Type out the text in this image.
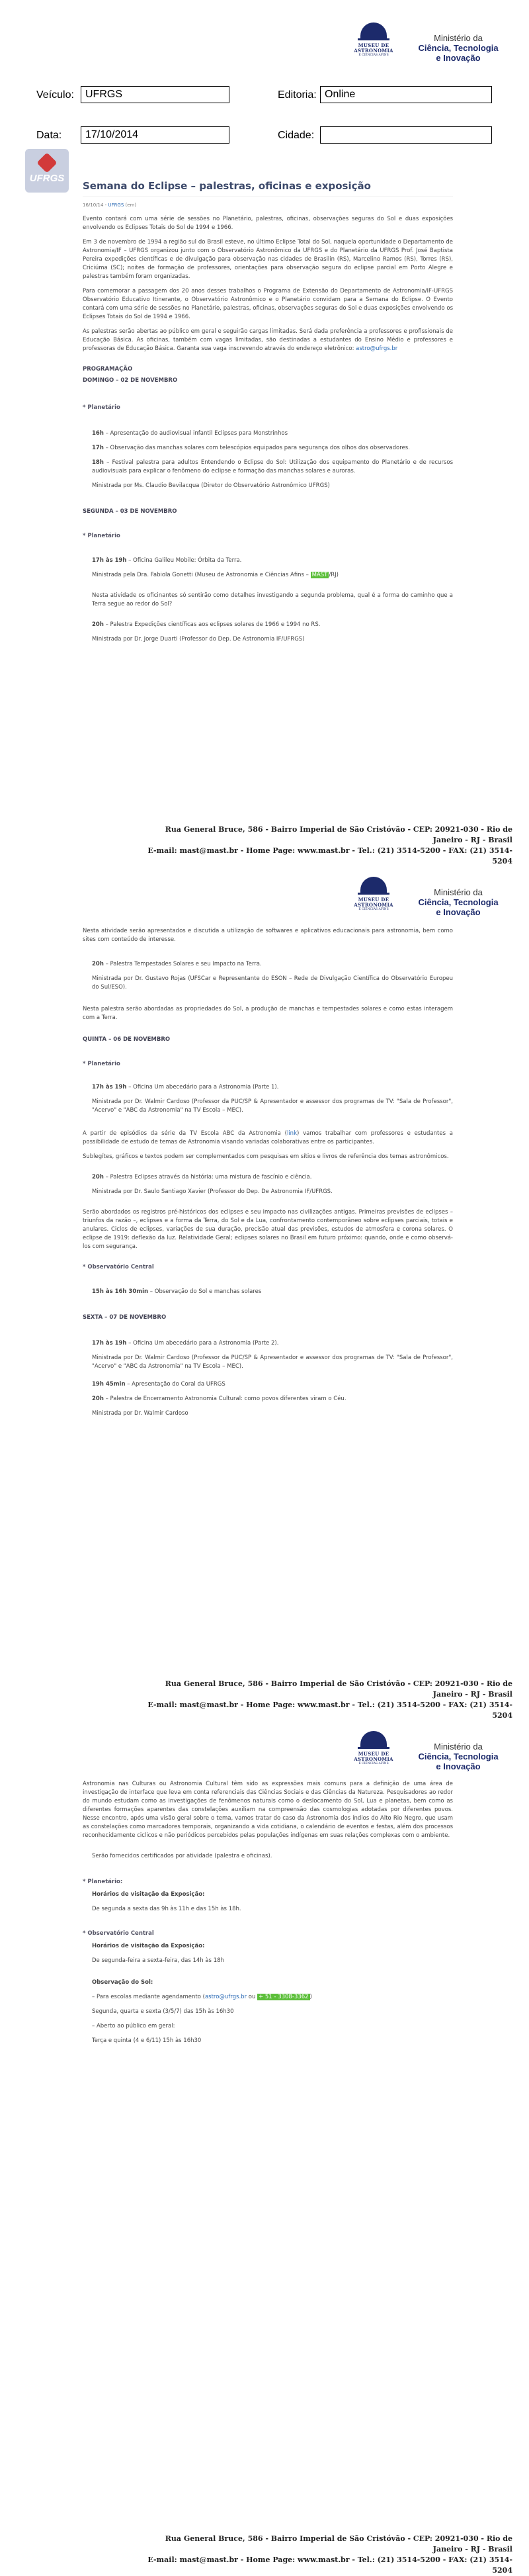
MUSEU DE
ASTRONOMIA
E CIÊNCIAS AFINS
Ministério da
Ciência, Tecnologia
e Inovação
Veículo:	UFRGS	Editoria: Online
Data:	17/10/2014	Cidade:
UFRGS
Semana do Eclipse – palestras, oficinas e exposição
16/10/14 - UFRGS (em)

Evento contará com uma série de sessões no Planetário, palestras, oficinas, observações seguras do Sol e duas exposições envolvendo os Eclipses Totais do Sol de 1994 e 1966.

Em 3 de novembro de 1994 a região sul do Brasil esteve, no último Eclipse Total do Sol, naquela oportunidade o Departamento de Astronomia/IF – UFRGS organizou junto com o Observatório Astronômico da UFRGS e do Planetário da UFRGS Prof. José Baptista Pereira expedições científicas e de divulgação para observação nas cidades de Brasilin (RS), Marcelino Ramos (RS), Torres (RS), Criciúma (SC); noites de formação de professores, orientações para observação segura do eclipse parcial em Porto Alegre e palestras também foram organizadas.

Para comemorar a passagem dos 20 anos desses trabalhos o Programa de Extensão do Departamento de Astronomia/IF-UFRGS Observatório Educativo Itinerante, o Observatório Astronômico e o Planetário convidam para a Semana do Eclipse. O Evento contará com uma série de sessões no Planetário, palestras, oficinas, observações seguras do Sol e duas exposições envolvendo os Eclipses Totais do Sol de 1994 e 1966.

As palestras serão abertas ao público em geral e seguirão cargas limitadas. Será dada preferência a professores e profissionais de Educação Básica. As oficinas, também com vagas limitadas, são destinadas a estudantes do Ensino Médio e professores e professoras de Educação Básica. Garanta sua vaga inscrevendo através do endereço eletrônico: astro@ufrgs.br

PROGRAMAÇÃO
DOMINGO – 02 DE NOVEMBRO
* Planetário

16h – Apresentação do audiovisual infantil Eclipses para Monstrinhos

17h – Observação das manchas solares com telescópios equipados para segurança dos olhos dos observadores.

18h – Festival palestra para adultos Entendendo o Eclipse do Sol: Utilização dos equipamento do Planetário e de recursos audiovisuais para explicar o fenômeno do eclipse e formação das manchas solares e auroras.

Ministrada por Ms. Claudio Bevilacqua (Diretor do Observatório Astronômico UFRGS)

SEGUNDA – 03 DE NOVEMBRO
* Planetário

17h às 19h – Oficina Galileu Mobile: Órbita da Terra.

Ministrada pela Dra. Fabiola Gonetti (Museu de Astronomia e Ciências Afins – MAST /RJ)

Nesta atividade os oficinantes só sentirão como detalhes investigando a segunda problema, qual é a forma do caminho que a Terra segue ao redor do Sol?

20h – Palestra Expedições científicas aos eclipses solares de 1966 e 1994 no RS.

Ministrada por Dr. Jorge Duarti (Professor do Dep. De Astronomia IF/UFRGS)

Rua General Bruce, 586 - Bairro Imperial de São Cristóvão - CEP: 20921-030 - Rio de Janeiro - RJ - Brasil
E-mail: mast@mast.br - Home Page: www.mast.br - Tel.: (21) 3514-5200 - FAX: (21) 3514-5204
MUSEU DE
ASTRONOMIA
E CIÊNCIAS AFINS
Ministério da
Ciência, Tecnologia
e Inovação

Nesta atividade serão apresentados e discutida a utilização de softwares e aplicativos educacionais para astronomia, bem como sites com conteúdo de interesse.

20h – Palestra Tempestades Solares e seu Impacto na Terra.

Ministrada por Dr. Gustavo Rojas (UFSCar e Representante do ESON – Rede de Divulgação Científica do Observatório Europeu do Sul/ESO).

Nesta palestra serão abordadas as propriedades do Sol, a produção de manchas e tempestades solares e como estas interagem com a Terra.

QUINTA – 06 DE NOVEMBRO
* Planetário

17h às 19h – Oficina Um abecedário para a Astronomia (Parte 1).

Ministrada por Dr. Walmir Cardoso (Professor da PUC/SP & Apresentador e assessor dos programas de TV: "Sala de Professor", "Acervo" e "ABC da Astronomia" na TV Escola – MEC).

A partir de episódios da série da TV Escola ABC da Astronomia (link) vamos trabalhar com professores e estudantes a possibilidade de estudo de temas de Astronomia visando variadas colaborativas entre os participantes.

Sublegítes, gráficos e textos podem ser complementados com pesquisas em sítios e livros de referência dos temas astronômicos.

20h – Palestra Eclipses através da história: uma mistura de fascínio e ciência.

Ministrada por Dr. Saulo Santiago Xavier (Professor do Dep. De Astronomia IF/UFRGS.

Serão abordados os registros pré-históricos dos eclipses e seu impacto nas civilizações antigas. Primeiras previsões de eclipses – triunfos da razão –, eclipses e a forma da Terra, do Sol e da Lua, confrontamento contemporâneo sobre eclipses parciais, totais e anulares. Ciclos de eclipses, variações de sua duração, precisão atual das previsões, estudos de atmosfera e corona solares. O eclipse de 1919: deflexão da luz. Relatividade Geral; eclipses solares no Brasil em futuro próximo: quando, onde e como observá-los com segurança.

* Observatório Central

15h às 16h 30min – Observação do Sol e manchas solares

SEXTA – 07 DE NOVEMBRO

17h às 19h – Oficina Um abecedário para a Astronomia (Parte 2).

Ministrada por Dr. Walmir Cardoso (Professor da PUC/SP & Apresentador e assessor dos programas de TV: "Sala de Professor", "Acervo" e "ABC da Astronomia" na TV Escola – MEC).

19h 45min – Apresentação do Coral da UFRGS

20h – Palestra de Encerramento Astronomia Cultural: como povos diferentes viram o Céu.

Ministrada por Dr. Walmir Cardoso

Rua General Bruce, 586 - Bairro Imperial de São Cristóvão - CEP: 20921-030 - Rio de Janeiro - RJ - Brasil
E-mail: mast@mast.br - Home Page: www.mast.br - Tel.: (21) 3514-5200 - FAX: (21) 3514-5204
MUSEU DE
ASTRONOMIA
E CIÊNCIAS AFINS
Ministério da
Ciência, Tecnologia
e Inovação

Astronomia nas Culturas ou Astronomia Cultural têm sido as expressões mais comuns para a definição de uma área de investigação de interface que leva em conta referenciais das Ciências Sociais e das Ciências da Natureza. Pesquisadores ao redor do mundo estudam como as investigações de fenômenos naturais como o deslocamento do Sol, Lua e planetas, bem como as diferentes formações aparentes das constelações auxiliam na compreensão das cosmologias adotadas por diferentes povos. Nesse encontro, após uma visão geral sobre o tema, vamos tratar do caso da Astronomia dos índios do Alto Rio Negro, que usam as constelações como marcadores temporais, organizando a vida cotidiana, o calendário de eventos e festas, além dos processos reconhecidamente ciclicos e não periódicos percebidos pelas populações indígenas em suas relações complexas com o ambiente.

Serão fornecidos certificados por atividade (palestra e oficinas).

* Planetário:

Horários de visitação da Exposição:

De segunda a sexta das 9h às 11h e das 15h às 18h.

* Observatório Central

Horários de visitação da Exposição:

De segunda-feira a sexta-feira, das 14h às 18h

Observação do Sol:

– Para escolas mediante agendamento (astro@ufrgs.br ou + 51 - 3308-3362 )

Segunda, quarta e sexta (3/5/7) das 15h às 16h30

– Aberto ao público em geral:

Terça e quinta (4 e 6/11) 15h às 16h30

Rua General Bruce, 586 - Bairro Imperial de São Cristóvão - CEP: 20921-030 - Rio de Janeiro - RJ - Brasil
E-mail: mast@mast.br - Home Page: www.mast.br - Tel.: (21) 3514-5200 - FAX: (21) 3514-5204
